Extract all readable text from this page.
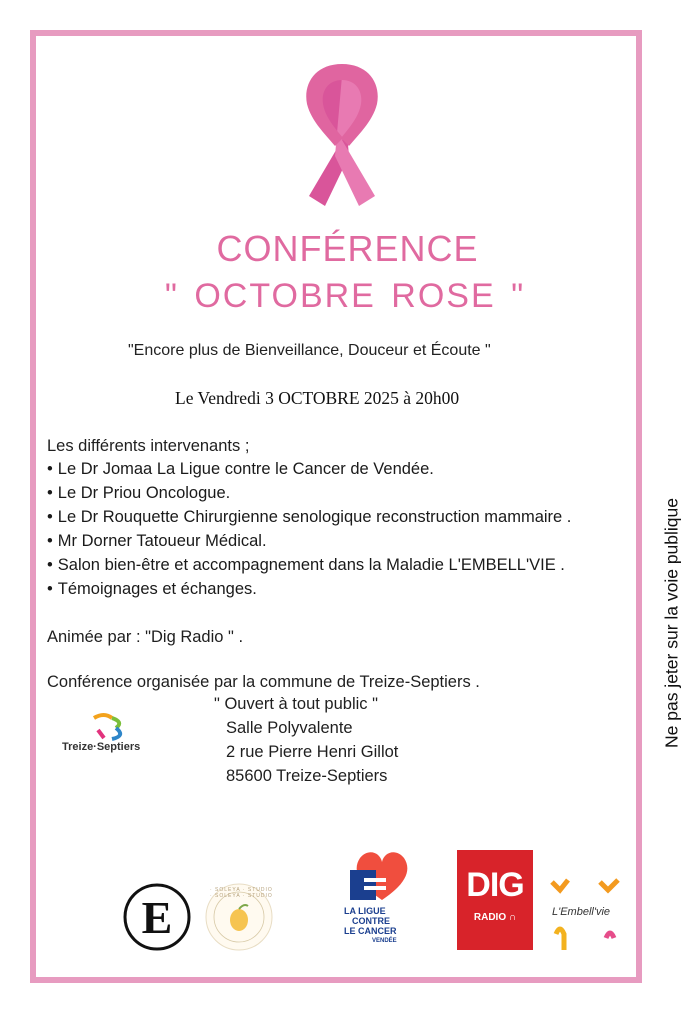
CONFÉRENCE
" OCTOBRE ROSE "
"Encore plus de Bienveillance, Douceur et Écoute "
Le Vendredi 3 OCTOBRE 2025 à 20h00
Les différents intervenants ;
• Le Dr Jomaa La Ligue contre le Cancer de Vendée.
• Le Dr Priou Oncologue.
• Le Dr Rouquette Chirurgienne senologique reconstruction mammaire .
• Mr Dorner Tatoueur Médical.
• Salon bien-être et accompagnement dans la Maladie L'EMBELL'VIE .
• Témoignages et échanges.
Animée par : "Dig Radio " .
Conférence organisée par la commune de Treize-Septiers .
" Ouvert à tout public "
Salle Polyvalente
2 rue Pierre Henri Gillot
85600 Treize-Septiers
Ne pas jeter sur la voie publique
Treize·Septiers
E
· SOLEYA · STUDIO · SOLEYA · STUDIO
LA LIGUE
CONTRE
LE CANCER
VENDÉE
DIG
RADIO ∩	L'Embell'vie
